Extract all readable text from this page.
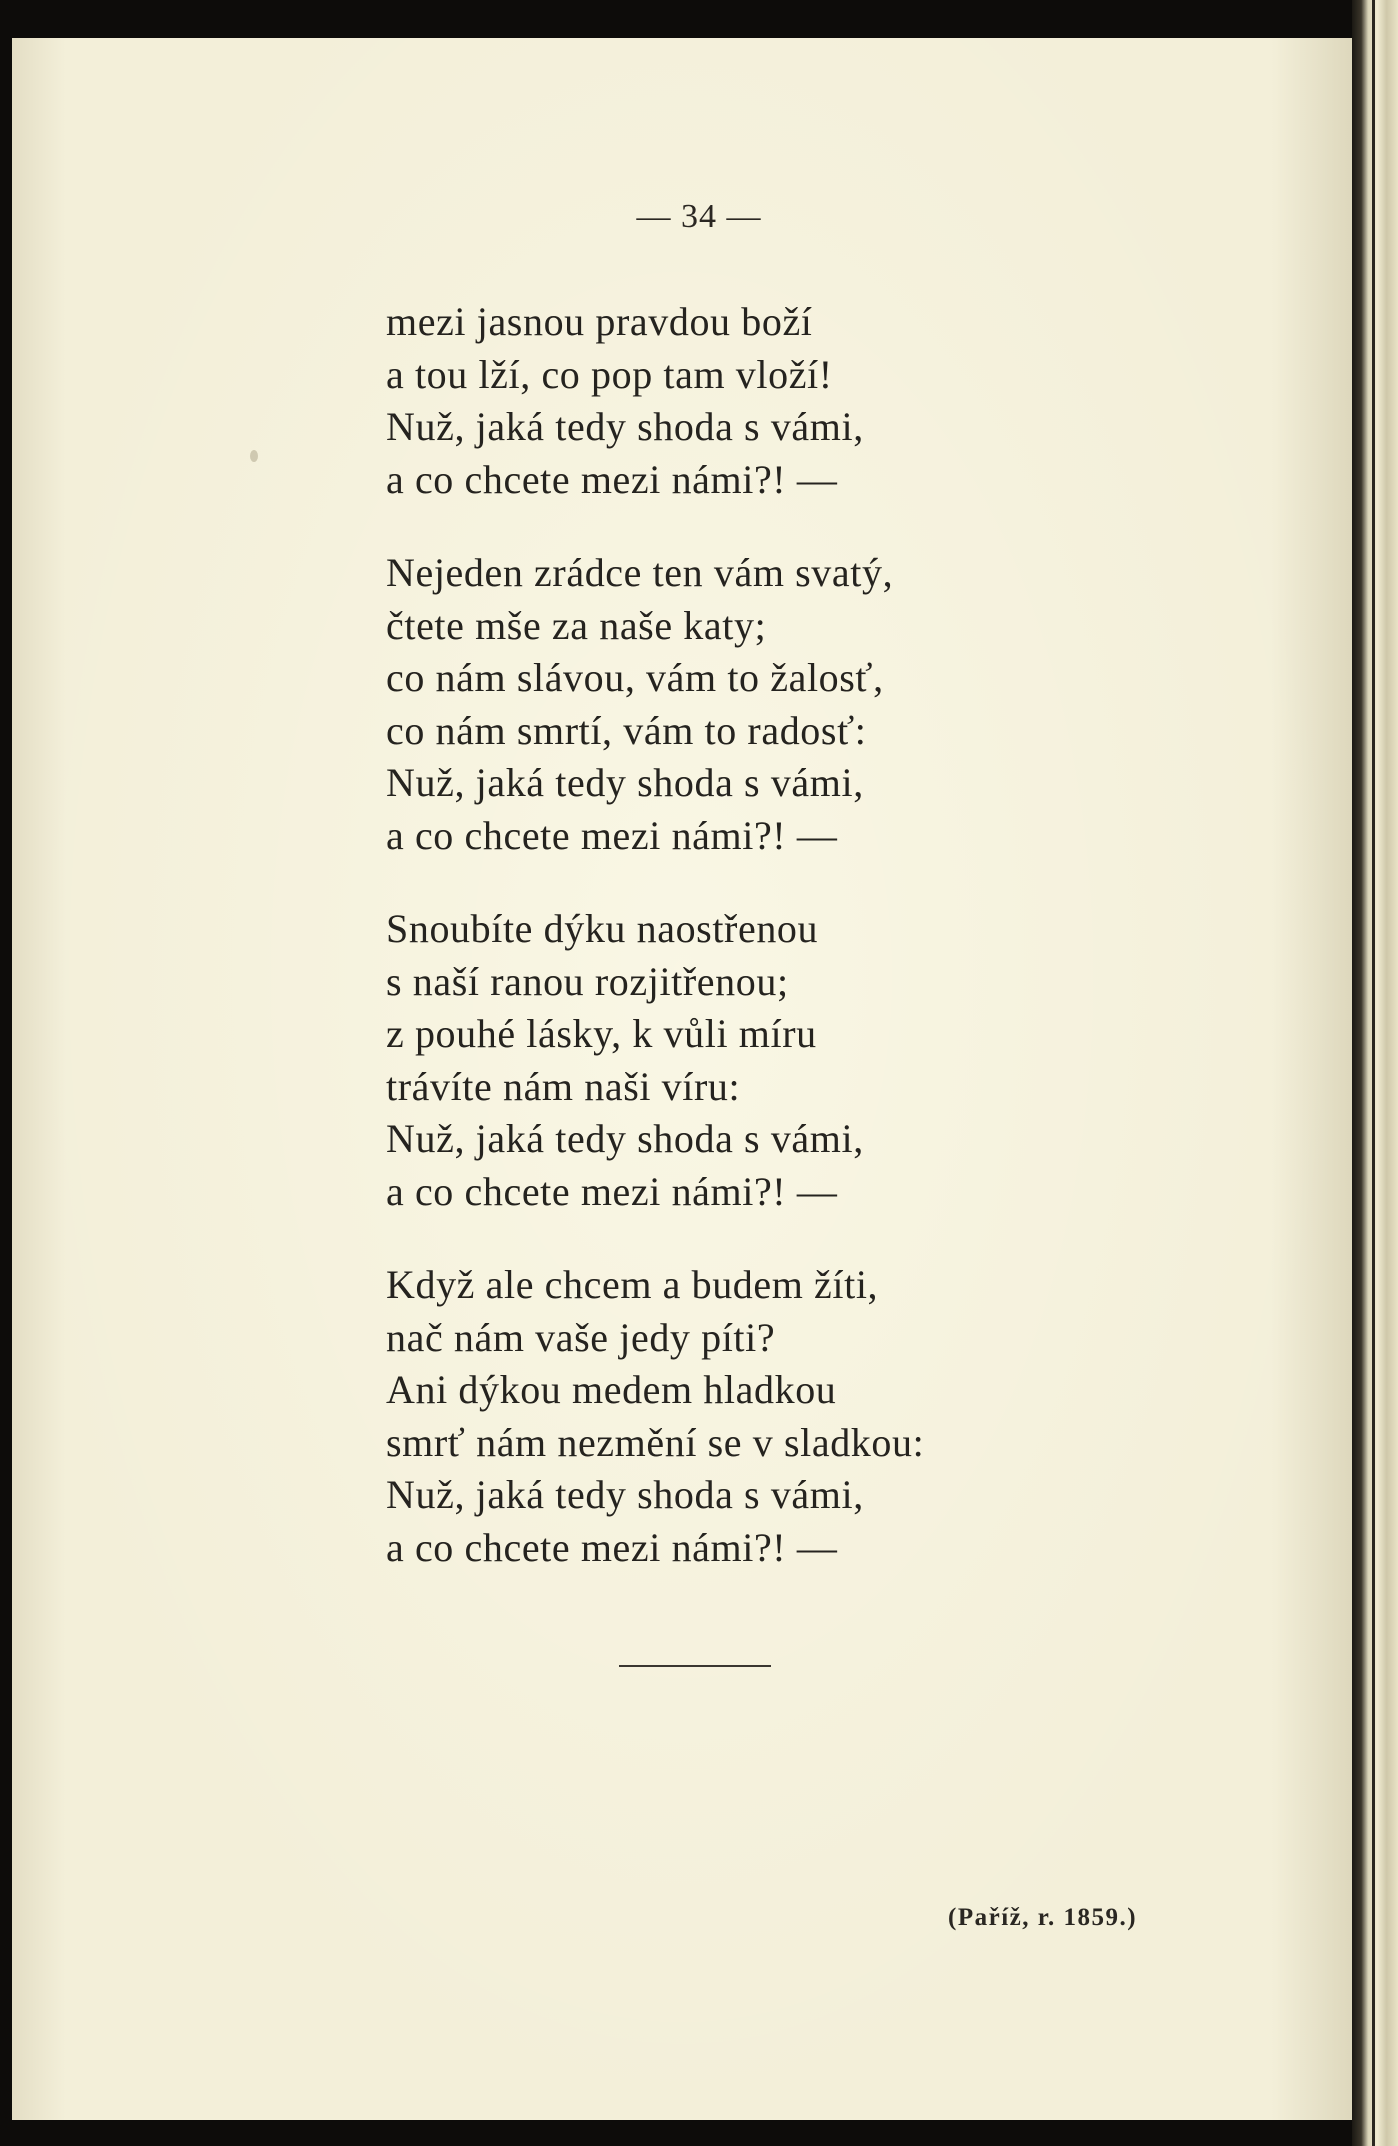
— 34 —
mezi jasnou pravdou boží
a tou lží, co pop tam vloží!
Nuž, jaká tedy shoda s vámi,
a co chcete mezi námi?! —
Nejeden zrádce ten vám svatý,
čtete mše za naše katy;
co nám slávou, vám to žalosť,
co nám smrtí, vám to radosť:
Nuž, jaká tedy shoda s vámi,
a co chcete mezi námi?! —
Snoubíte dýku naostřenou
s naší ranou rozjitřenou;
z pouhé lásky, k vůli míru
trávíte nám naši víru:
Nuž, jaká tedy shoda s vámi,
a co chcete mezi námi?! —
Když ale chcem a budem žíti,
nač nám vaše jedy píti?
Ani dýkou medem hladkou
smrť nám nezmění se v sladkou:
Nuž, jaká tedy shoda s vámi,
a co chcete mezi námi?! —
(Paříž, r. 1859.)
